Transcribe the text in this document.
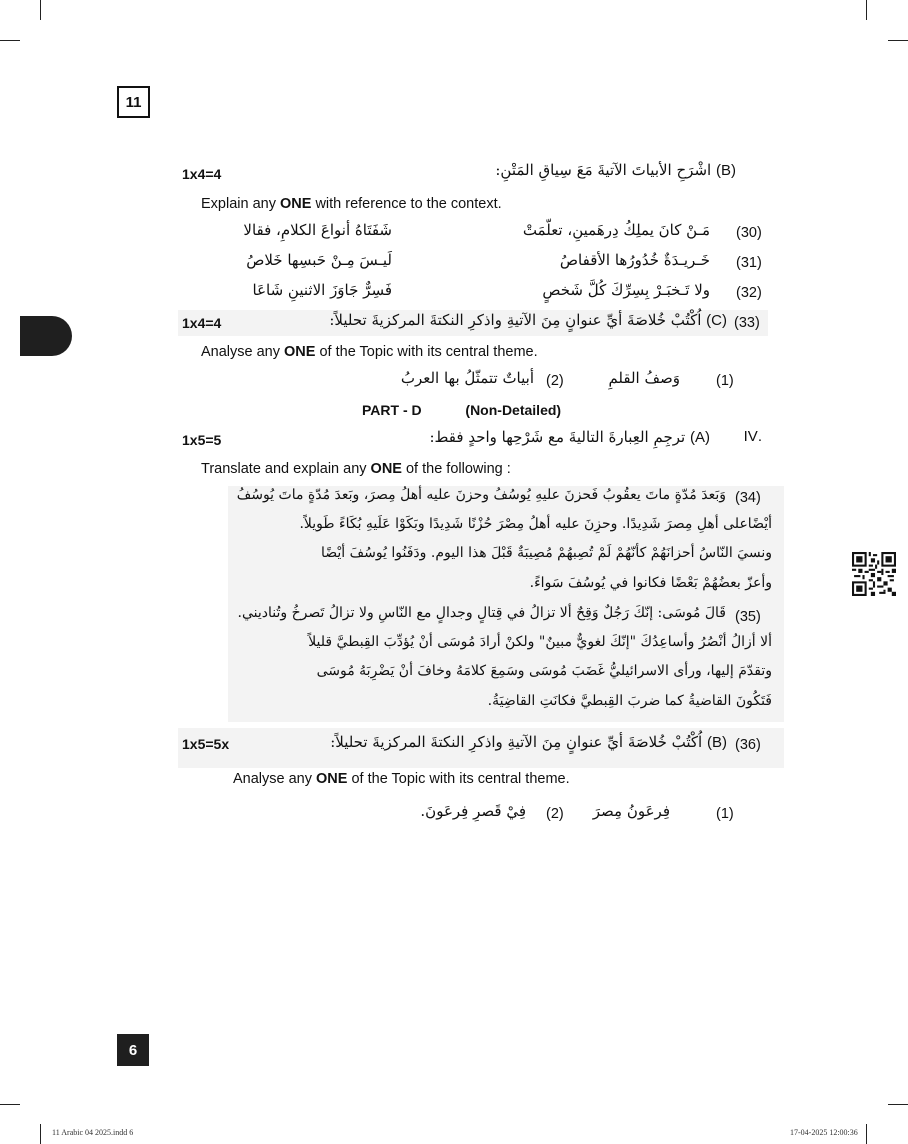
11
1x4=4	(B) اشْرَحِ الأبياتَ الآتيةَ مَعَ سِياقِ المَتْنِ:
Explain any ONE with reference to the context.
(30)
مَـنْ كانَ يملِكُ دِرهَمينِ، تعلّمَتْ
شَفَتَاهُ أنواعَ الكلامِ، فقالا
(31)
خَـريـدَةٌ خُدُورُها الأقفاصُ
لَيـسَ مِـنْ حَبسِها خَلاصُ
(32)
ولا تَـخبَـرْ بِسِرِّكَ كُلَّ شَخصٍ
فَسِرٌّ جَاوَزَ الاثنينِ شَاعَا
1x4=4	(33)
(C) اُكْتُبْ خُلاصَةَ أيِّ عنوانٍ مِنَ الآتيةِ واذكرِ النكتةَ المركزيةَ تحليلاً:
Analyse any ONE of the Topic with its central theme.
(1)
وَصفُ القلمِ
(2)
أبياتٌ تتمثّلُ بها العربُ
PART - D	(Non-Detailed)
1x5=5	.IV
(A) ترجِمِ العِبارةَ التاليةَ مع شَرْحِها واحدٍ فقط:
Translate and explain any ONE of the following :
(34)
وَبَعدَ مُدّةٍ ماتَ يعقُوبُ فَحزنَ عليهِ يُوسُفُ وحزنَ عليه أهلُ مِصرَ، وبَعدَ مُدّةٍ ماتَ يُوسُفُ
أيْضًاعلى أهلِ مِصرَ شَدِيدًا. وحزِنَ عليه أهلُ مِصْرَ حُزْنًا شَدِيدًا وبَكَوْا عَلَيهِ بُكَاءً طَويلاً.
ونسيَ النّاسُ أحزانَهُمْ كأنّهُمْ لَمْ تُصِبهُمْ مُصِيبَةٌ قَبْلَ هذا اليوم. ودَفَنُوا يُوسُفَ أيْضًا
وأعزّ بعضُهُمْ بَعْضًا فكانوا في يُوسُفَ سَواءً.
(35)
قَالَ مُوسَى: إنّكَ رَجُلٌ وَقِحٌ ألا تزالُ في قِتالٍ وجدالٍ مع النّاسِ ولا تزالُ تَصرخُ وتُناديني.
ألا أزالُ أنْصُرُ وأساعِدُكَ "إنّكَ لغويٌّ مبينٌ" ولكنْ أرادَ مُوسَى أنْ يُؤدِّبَ القِبطيَّ قليلاً
وتقدّمَ إليها، ورأى الاسرائيليُّ غَضَبَ مُوسَى وسَمِعَ كلامَهُ وخافَ أنْ يَضْرِبَهُ مُوسَى
فَتَكُونَ القاضيةُ كما ضربَ القِبطيَّ فكانَتِ القاضِيَةُ.
1x5=5x	(36)
(B) اُكْتُبْ خُلاصَةَ أيِّ عنوانٍ مِنَ الآتيةِ واذكرِ النكتةَ المركزيةَ تحليلاً:
Analyse any ONE of the Topic with its central theme.
(1)
فِرعَونُ مِصرَ
(2)
فِيْ قَصرِ فِرعَونَ.
6
11 Arabic 04 2025.indd 6	17-04-2025 12:00:36
